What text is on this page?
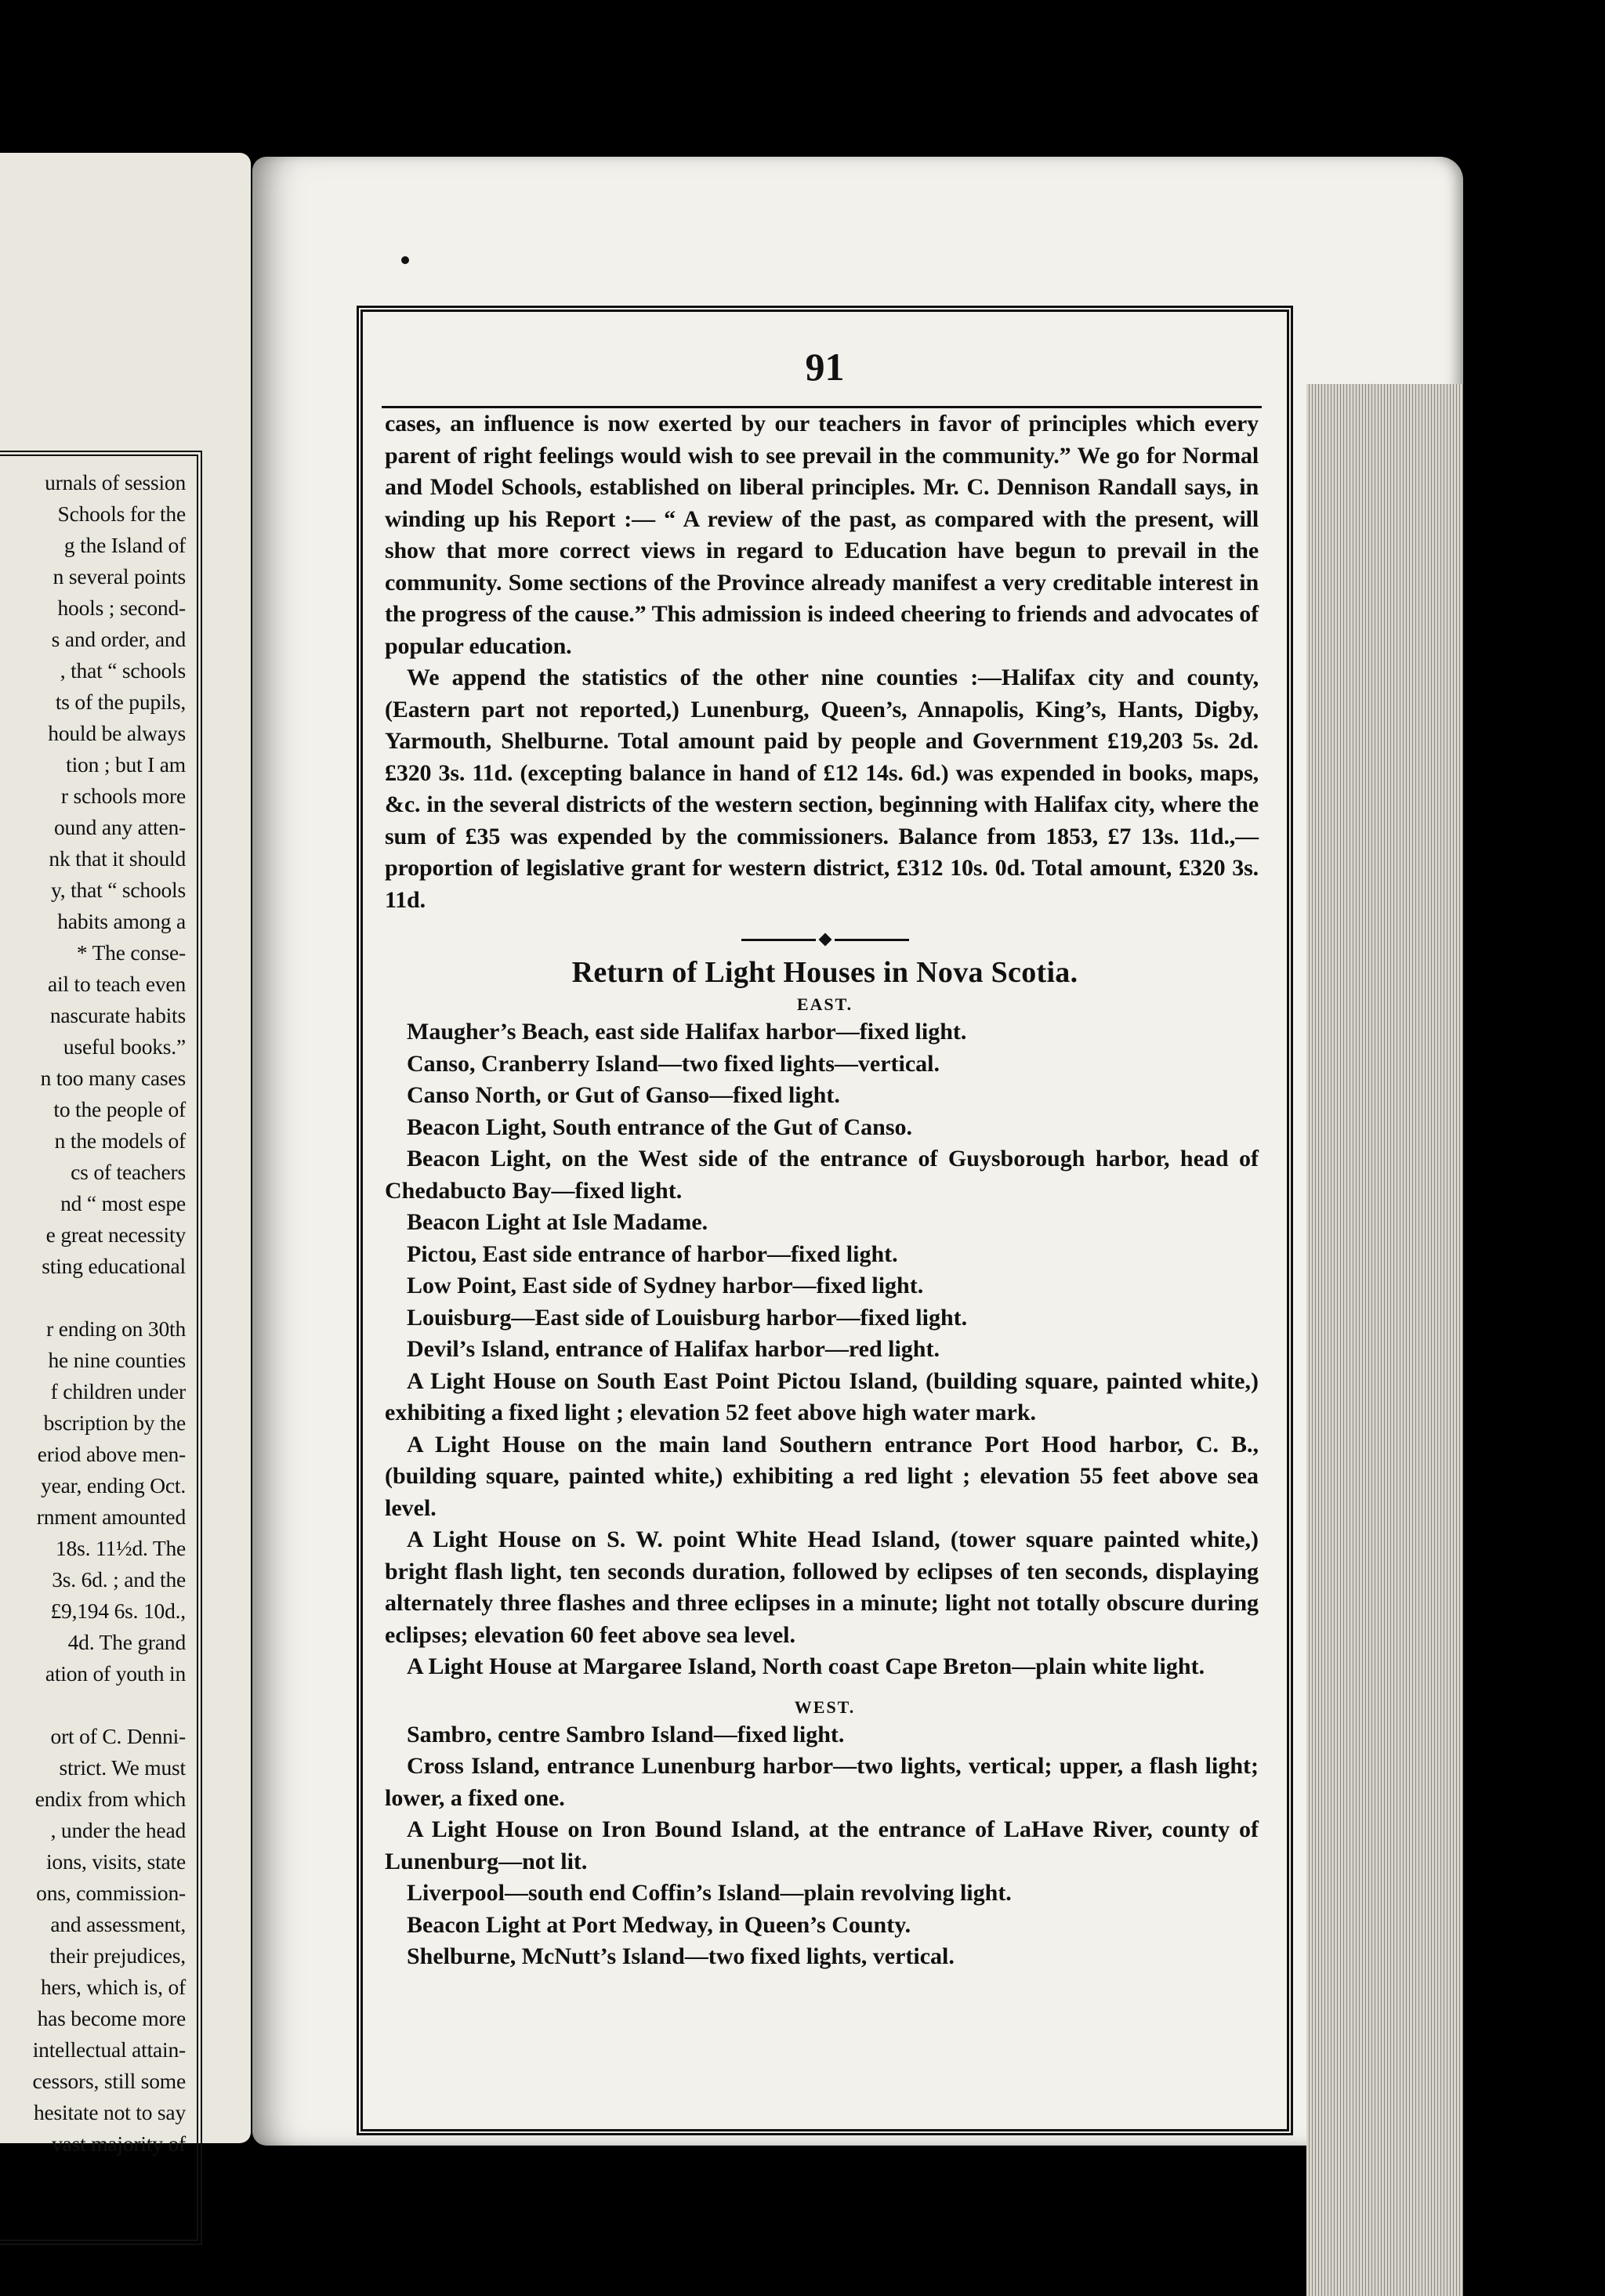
urnals of session
Schools for the
g the Island of
n several points
hools ; second-
s and order, and
, that “ schools
ts of the pupils,
hould be always
tion ; but I am
r schools more
ound any atten-
nk that it should
y, that “ schools
habits among a
* The conse-
ail to teach even
nascurate habits
useful books.”
n too many cases
to the people of
n the models of
cs of teachers
nd “ most espe
e great necessity
sting educational
r ending on 30th
he nine counties
f children under
bscription by the
eriod above men-
year, ending Oct.
rnment amounted
18s. 11½d. The
3s. 6d. ; and the
£9,194 6s. 10d.,
4d. The grand
ation of youth in
ort of C. Denni-
strict. We must
endix from which
, under the head
ions, visits, state
ons, commission-
and assessment,
their prejudices,
hers, which is, of
has become more
intellectual attain-
cessors, still some
hesitate not to say
vast majority of
91

cases, an influence is now exerted by our teachers in favor of principles which every parent of right feelings would wish to see prevail in the community.” We go for Normal and Model Schools, established on liberal principles. Mr. C. Dennison Randall says, in winding up his Report :— “ A review of the past, as compared with the present, will show that more correct views in regard to Education have begun to prevail in the community. Some sections of the Province already manifest a very creditable interest in the progress of the cause.” This admission is indeed cheering to friends and advocates of popular education.

We append the statistics of the other nine counties :—Halifax city and county, (Eastern part not reported,) Lunenburg, Queen’s, Annapolis, King’s, Hants, Digby, Yarmouth, Shelburne. Total amount paid by people and Government £19,203 5s. 2d. £320 3s. 11d. (excepting balance in hand of £12 14s. 6d.) was expended in books, maps, &c. in the several districts of the western section, beginning with Halifax city, where the sum of £35 was expended by the commissioners. Balance from 1853, £7 13s. 11d.,—proportion of legislative grant for western district, £312 10s. 0d. Total amount, £320 3s. 11d.

Return of Light Houses in Nova Scotia.
EAST.

Maugher’s Beach, east side Halifax harbor—fixed light.

Canso, Cranberry Island—two fixed lights—vertical.

Canso North, or Gut of Ganso—fixed light.

Beacon Light, South entrance of the Gut of Canso.

Beacon Light, on the West side of the entrance of Guysborough harbor, head of Chedabucto Bay—fixed light.

Beacon Light at Isle Madame.

Pictou, East side entrance of harbor—fixed light.

Low Point, East side of Sydney harbor—fixed light.

Louisburg—East side of Louisburg harbor—fixed light.

Devil’s Island, entrance of Halifax harbor—red light.

A Light House on South East Point Pictou Island, (building square, painted white,) exhibiting a fixed light ; elevation 52 feet above high water mark.

A Light House on the main land Southern entrance Port Hood harbor, C. B., (building square, painted white,) exhibiting a red light ; elevation 55 feet above sea level.

A Light House on S. W. point White Head Island, (tower square painted white,) bright flash light, ten seconds duration, followed by eclipses of ten seconds, displaying alternately three flashes and three eclipses in a minute; light not totally obscure during eclipses; elevation 60 feet above sea level.

A Light House at Margaree Island, North coast Cape Breton—plain white light.

WEST.

Sambro, centre Sambro Island—fixed light.

Cross Island, entrance Lunenburg harbor—two lights, vertical; upper, a flash light; lower, a fixed one.

A Light House on Iron Bound Island, at the entrance of LaHave River, county of Lunenburg—not lit.

Liverpool—south end Coffin’s Island—plain revolving light.

Beacon Light at Port Medway, in Queen’s County.

Shelburne, McNutt’s Island—two fixed lights, vertical.
